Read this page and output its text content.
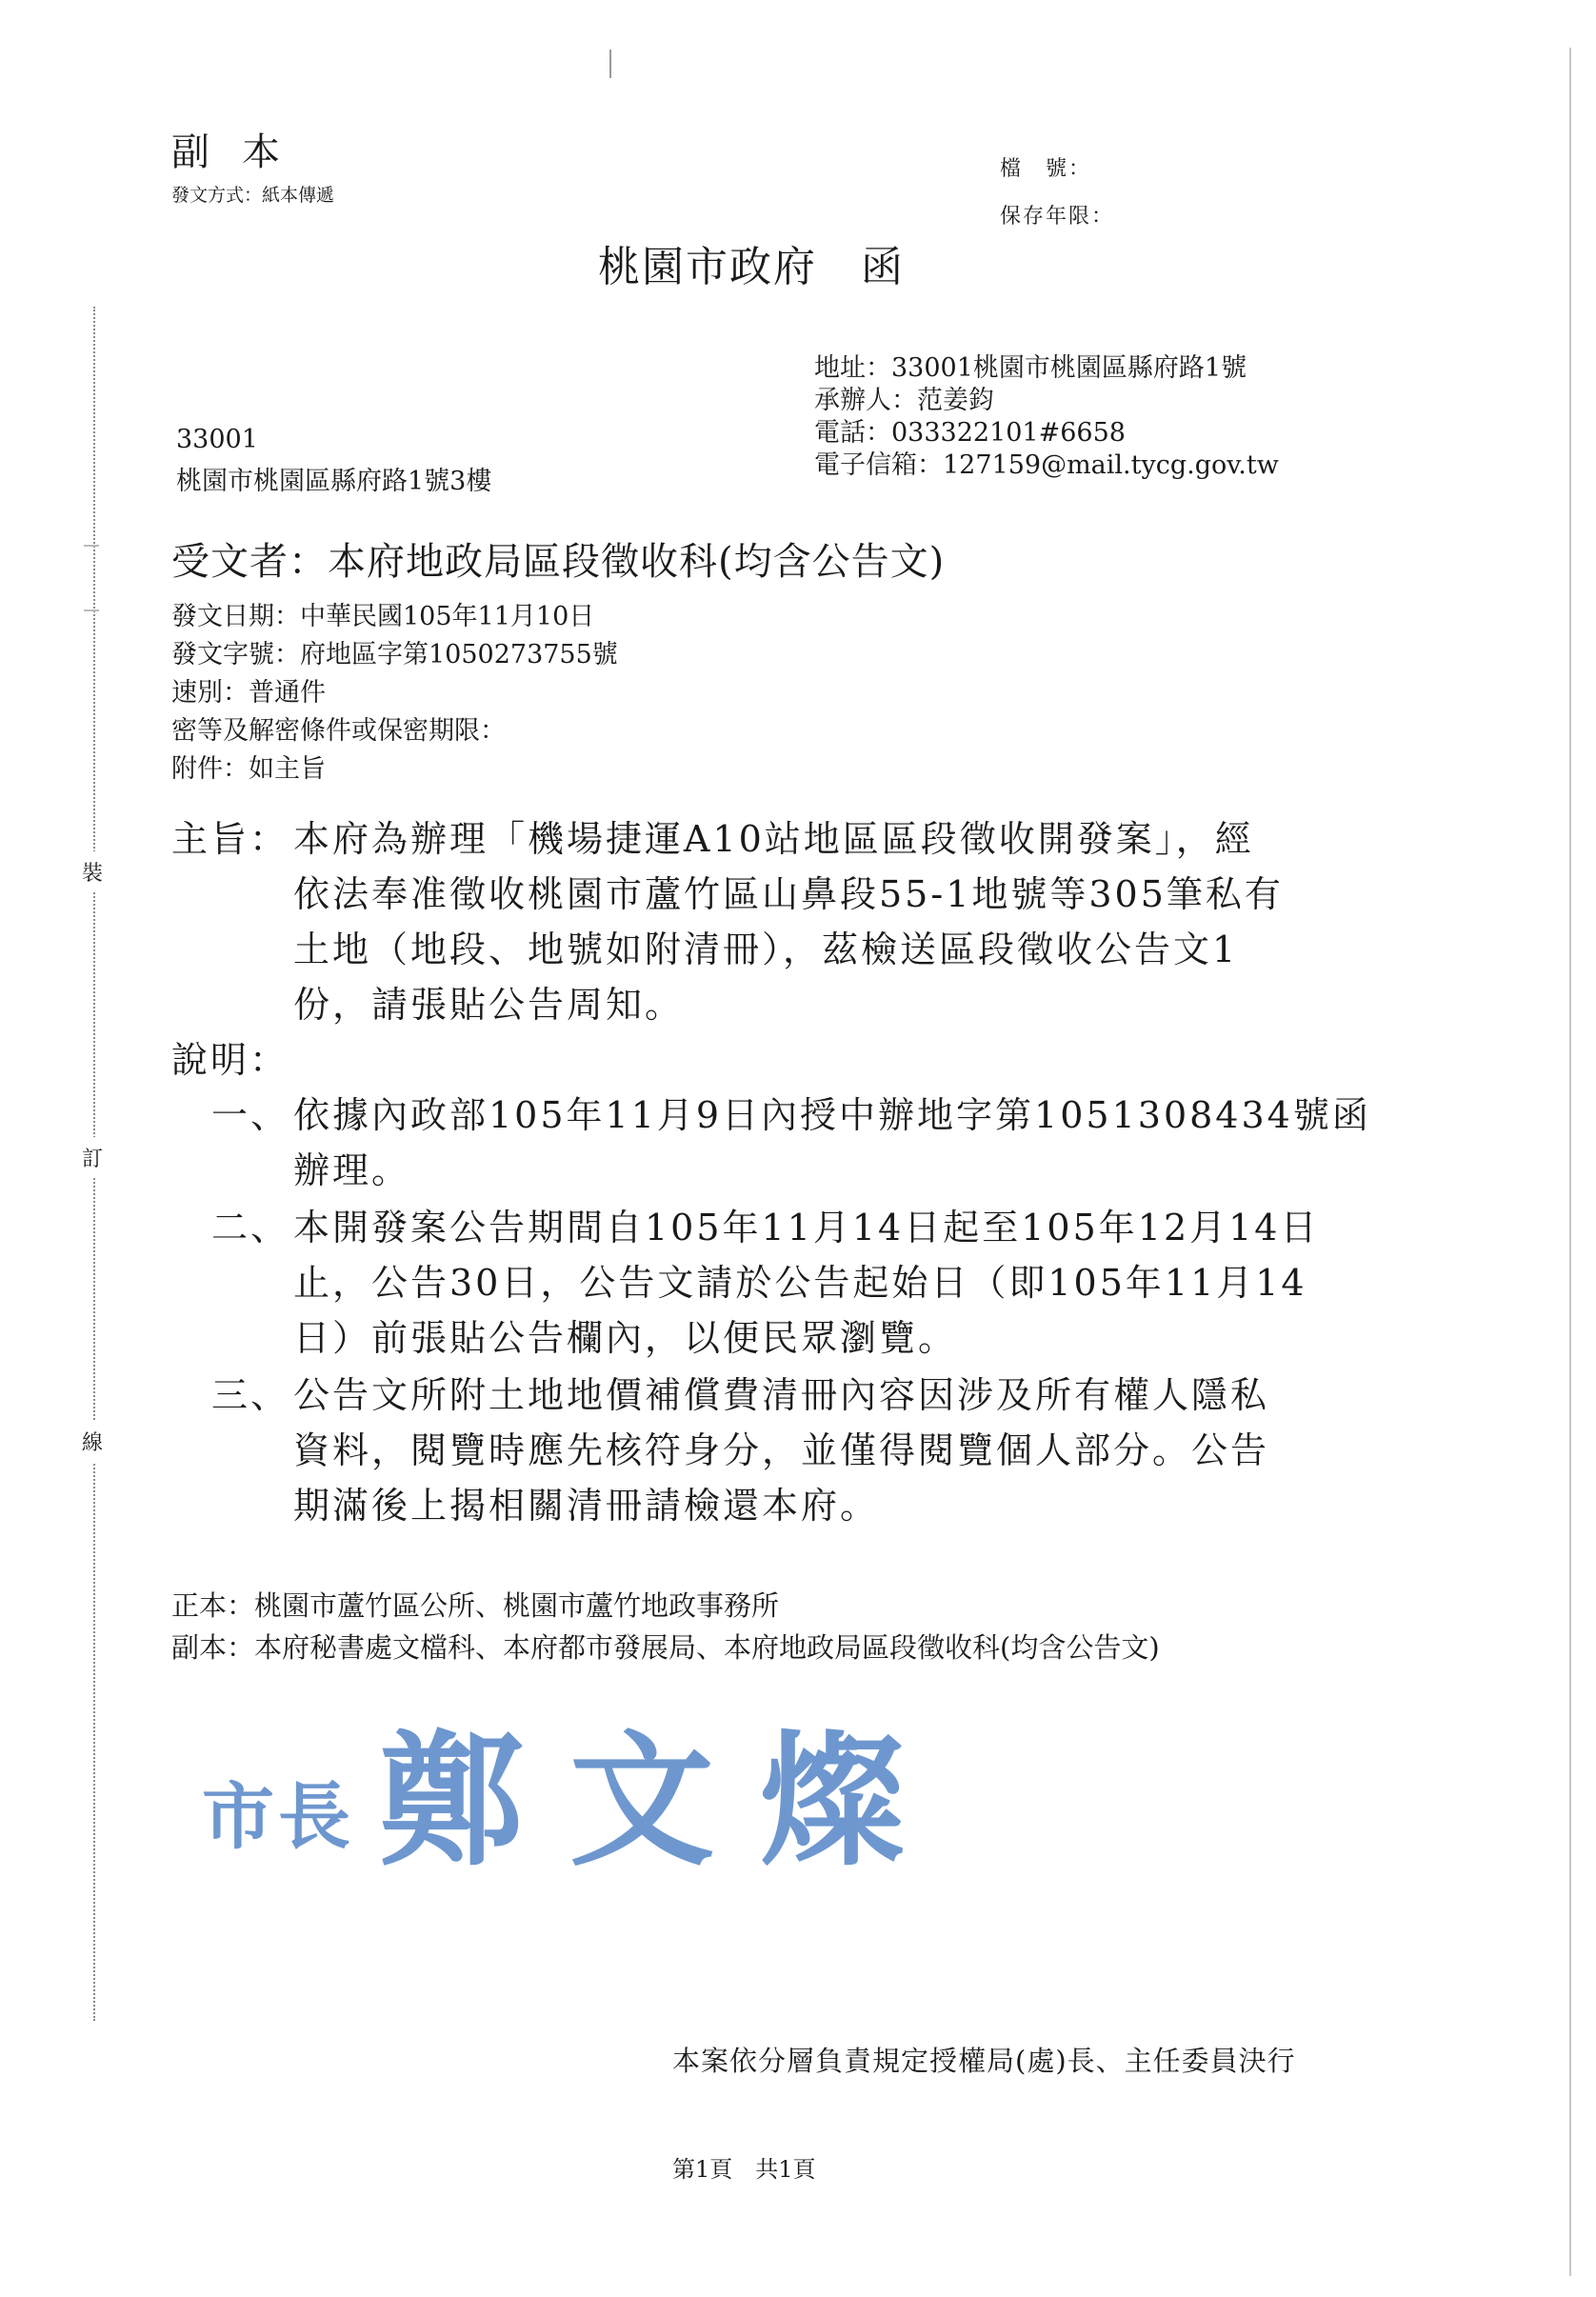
裝
訂
線
副本
發文方式：紙本傳遞
檔　號：
保存年限：
桃園市政府　函
地址：33001桃園市桃園區縣府路1號
承辦人：范姜鈞
電話：033322101#6658
電子信箱：127159@mail.tycg.gov.tw
33001
桃園市桃園區縣府路1號3樓
受文者：本府地政局區段徵收科(均含公告文)
發文日期：中華民國105年11月10日
發文字號：府地區字第1050273755號
速別：普通件
密等及解密條件或保密期限：
附件：如主旨
主旨： 本府為辦理「機場捷運A10站地區區段徵收開發案」，經
依法奉准徵收桃園市蘆竹區山鼻段55-1地號等305筆私有
土地（地段、地號如附清冊），茲檢送區段徵收公告文1
份，請張貼公告周知。
說明：
一、 依據內政部105年11月9日內授中辦地字第1051308434號函
辦理。
二、 本開發案公告期間自105年11月14日起至105年12月14日
止，公告30日，公告文請於公告起始日（即105年11月14
日）前張貼公告欄內，以便民眾瀏覽。
三、 公告文所附土地地價補償費清冊內容因涉及所有權人隱私
資料，閱覽時應先核符身分，並僅得閱覽個人部分。公告
期滿後上揭相關清冊請檢還本府。
正本：桃園市蘆竹區公所、桃園市蘆竹地政事務所
副本：本府秘書處文檔科、本府都市發展局、本府地政局區段徵收科(均含公告文)
市長 鄭文燦
本案依分層負責規定授權局(處)長、主任委員決行
第1頁　共1頁
